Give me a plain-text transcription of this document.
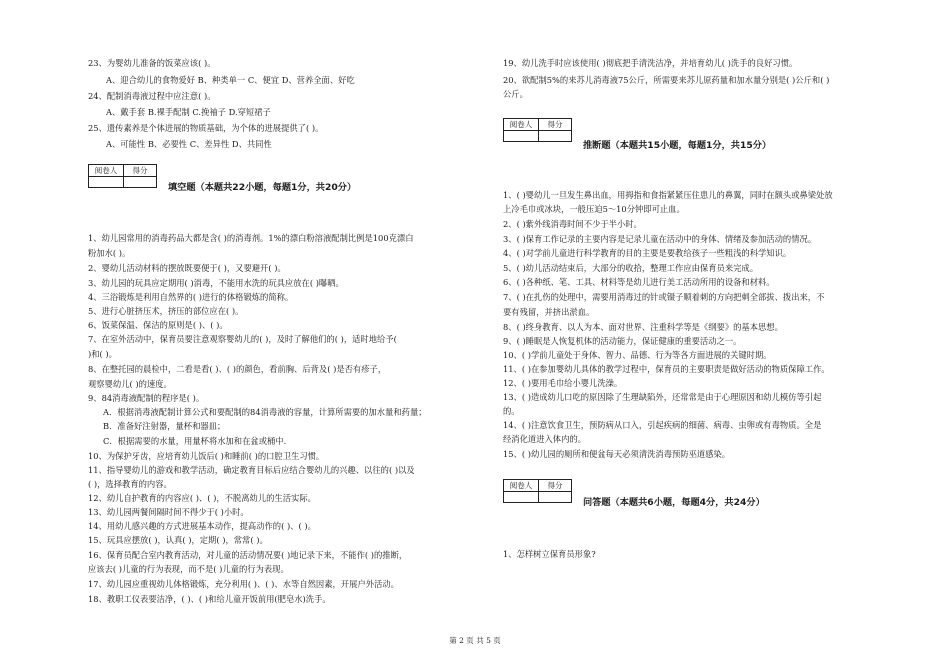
23、为婴幼儿准备的饭菜应该( )。
A、迎合幼儿的食物爱好 B、种类单一 C、便宜 D、营养全面、好吃
24、配制消毒液过程中应注意( )。
A、戴手套 B.裸手配制 C.挽袖子 D.穿短裙子
25、遗传素养是个体进展的物质基础，为个体的进展提供了( )。
A、可能性 B、必要性 C、差异性 D、共同性
阅卷人	得分

填空题（本题共22小题，每题1分，共20分）
1、幼儿园常用的消毒药品大都是含( )的消毒剂。1%的漂白粉溶液配制比例是100克漂白
粉加水( )。
2、婴幼儿活动材料的摆放既要便于( )，又要避开( )。
3、幼儿园的玩具应定期用( )消毒，不能用水洗的玩具应放在( )曝晒。
4、三浴锻炼是利用自然界的( )进行的体格锻炼的简称。
5、进行心脏挤压术，挤压的部位应在( )。
6、饭菜保温、保洁的原则是( )、( )。
7、在室外活动中，保育员要注意观察婴幼儿的( )，及时了解他们的( )，适时地给予(
)和( )。
8、在整托园的晨检中，二看是看( )、( )的颜色，看前胸、后背及( )是否有疹子，
观察婴幼儿( )的速度。
9、84消毒液配制的程序是( )。
A．根据消毒液配制计算公式和要配制的84消毒液的容量，计算所需要的加水量和药量；
B．准备好注射器，量杯和器皿；
C．根据需要的水量，用量杯将水加和在盆或桶中.
10、为保护牙齿，应培育幼儿饭后( )和睡前( )的口腔卫生习惯。
11、指导婴幼儿的游戏和教学活动，确定教育目标后应结合婴幼儿的兴趣、以往的( )以及
( )，选择教育的内容。
12、幼儿自护教育的内容应( )、( )，不脱离幼儿的生活实际。
13、幼儿园两餐间隔时间不得少于( )小时。
14、用幼儿感兴趣的方式进展基本动作，提高动作的( )、( )。
15、玩具应摆放( )，认真( )，定期( )，常常( )。
16、保育员配合室内教育活动，对儿童的活动情况要( )地记录下来，不能作( )的推断，
应该去( )儿童的行为表现，而不是( )儿童的行为表现。
17、幼儿园应重视幼儿体格锻炼，充分利用( )、( )、水等自然因素，开展户外活动。
18、教职工仪表要洁净，( )、( )和给儿童开饭前用(肥皂水)洗手。
19、幼儿洗手时应该使用( )彻底把手清洗洁净，并培育幼儿( )洗手的良好习惯。
20、欲配制5%的来苏儿消毒液75公斤，所需要来苏儿原药量和加水量分别是( )公斤和( )
公斤。
阅卷人	得分

推断题（本题共15小题，每题1分，共15分）
1、( )婴幼儿一旦发生鼻出血，用拇指和食指紧紧压住患儿的鼻翼，同时在额头或鼻梁处放
上冷毛巾或冰块，一般压迫5～10分钟即可止血。
2、( )紫外线消毒时间不少于半小时。
3、( )保育工作记录的主要内容是记录儿童在活动中的身体、情绪及参加活动的情况。
4、( )对学前儿童进行科学教育的目的主要是要教给孩子一些粗浅的科学知识。
5、( )幼儿活动结束后，大部分的收拾，整理工作应由保育员来完成。
6、( )各种纸、笔、工具、材料等是幼儿进行美工活动所用的设备和材料。
7、( )在扎伤的处理中，需要用消毒过的针或镊子顺着刺的方向把刺全部拔、拨出来，不
要有残留，并挤出淤血。
8、( )终身教育、以人为本、面对世界、注重科学等是《纲要》的基本思想。
9、( )睡眠是人恢复机体的活动能力，保证健康的重要活动之一。
10、( )学前儿童处于身体、智力、品德、行为等各方面进展的关键时期。
11、( )在参加婴幼儿具体的教学过程中，保育员的主要职责是做好活动的物质保障工作。
12、( )要用毛巾给小婴儿洗澡。
13、( )造成幼儿口吃的原因除了生理缺陷外，还常常是由于心理原因和幼儿模仿等引起
的。
14、( )注意饮食卫生，预防病从口入，引起疾病的细菌、病毒、虫卵或有毒物质。全是
经消化道进入体内的。
15、( )幼儿园的厕所和便盆每天必须清洗消毒预防巫道感染。
阅卷人	得分

问答题（本题共6小题，每题4分，共24分）
1、怎样树立保育员形象?
第 2 页 共 5 页
